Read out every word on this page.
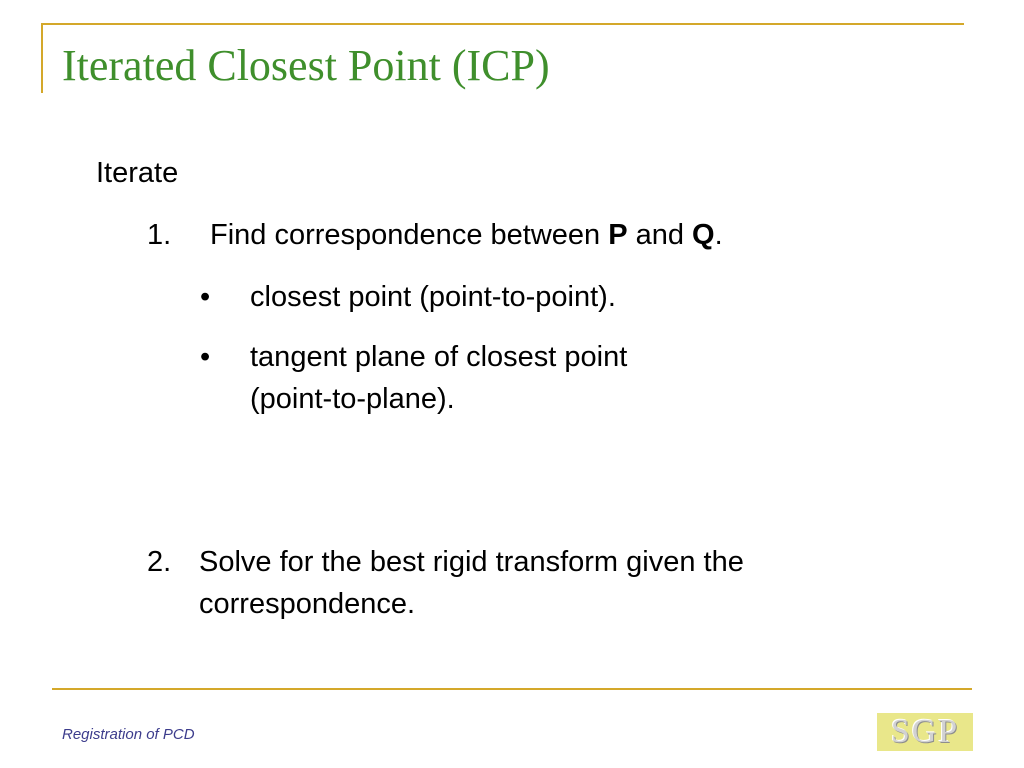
Iterated Closest Point (ICP)
Iterate
1. Find correspondence between P and Q.
• closest point (point-to-point).
• tangent plane of closest point
(point-to-plane).
2. Solve for the best rigid transform given the
correspondence.
Registration of PCD	SGP
